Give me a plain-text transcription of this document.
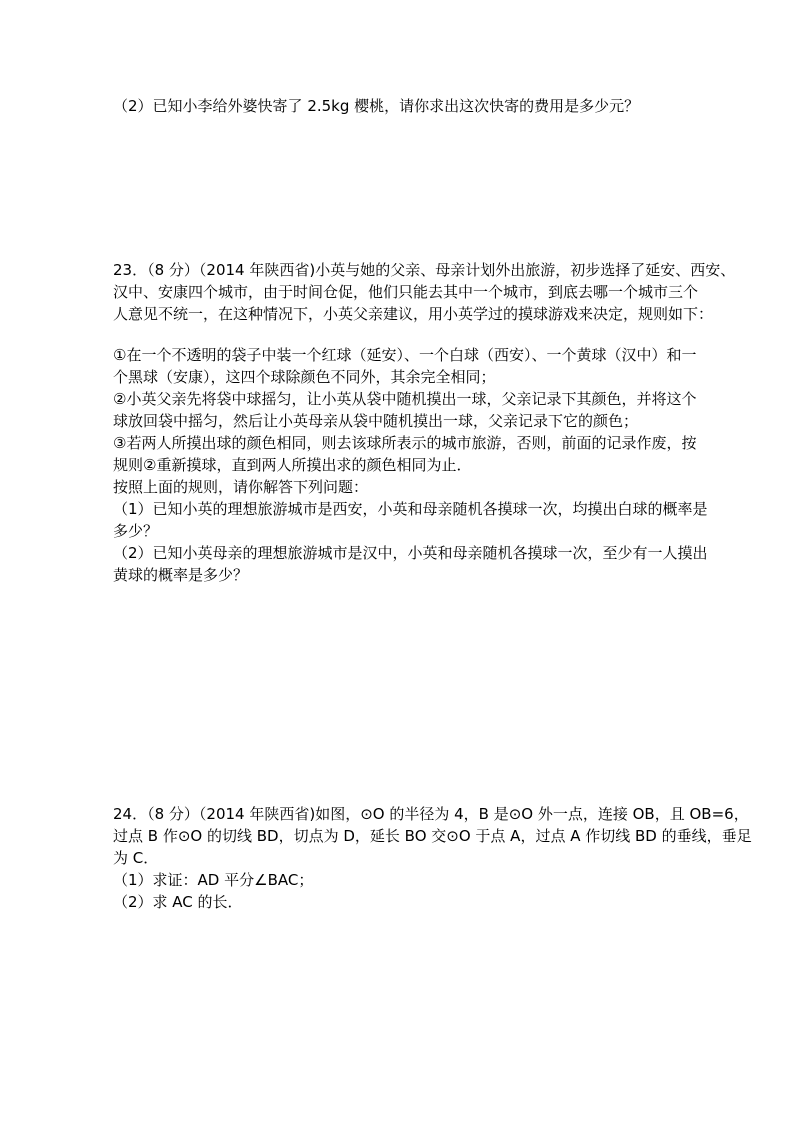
（2）已知小李给外婆快寄了 2.5kg 樱桃，请你求出这次快寄的费用是多少元？
23．（8 分）（2014 年陕西省)小英与她的父亲、母亲计划外出旅游，初步选择了延安、西安、
汉中、安康四个城市，由于时间仓促，他们只能去其中一个城市，到底去哪一个城市三个
人意见不统一，在这种情况下，小英父亲建议，用小英学过的摸球游戏来决定，规则如下：
①在一个不透明的袋子中装一个红球（延安）、一个白球（西安）、一个黄球（汉中）和一
个黑球（安康），这四个球除颜色不同外，其余完全相同；
②小英父亲先将袋中球摇匀，让小英从袋中随机摸出一球，父亲记录下其颜色，并将这个
球放回袋中摇匀，然后让小英母亲从袋中随机摸出一球，父亲记录下它的颜色；
③若两人所摸出球的颜色相同，则去该球所表示的城市旅游，否则，前面的记录作废，按
规则②重新摸球，直到两人所摸出求的颜色相同为止．
按照上面的规则，请你解答下列问题：
（1）已知小英的理想旅游城市是西安，小英和母亲随机各摸球一次，均摸出白球的概率是
多少？
（2）已知小英母亲的理想旅游城市是汉中，小英和母亲随机各摸球一次，至少有一人摸出
黄球的概率是多少？
24．（8 分）（2014 年陕西省)如图，⊙O 的半径为 4，B 是⊙O 外一点，连接 OB，且 OB=6，
过点 B 作⊙O 的切线 BD，切点为 D，延长 BO 交⊙O 于点 A，过点 A 作切线 BD 的垂线，垂足
为 C．
（1）求证：AD 平分∠BAC；
（2）求 AC 的长．
